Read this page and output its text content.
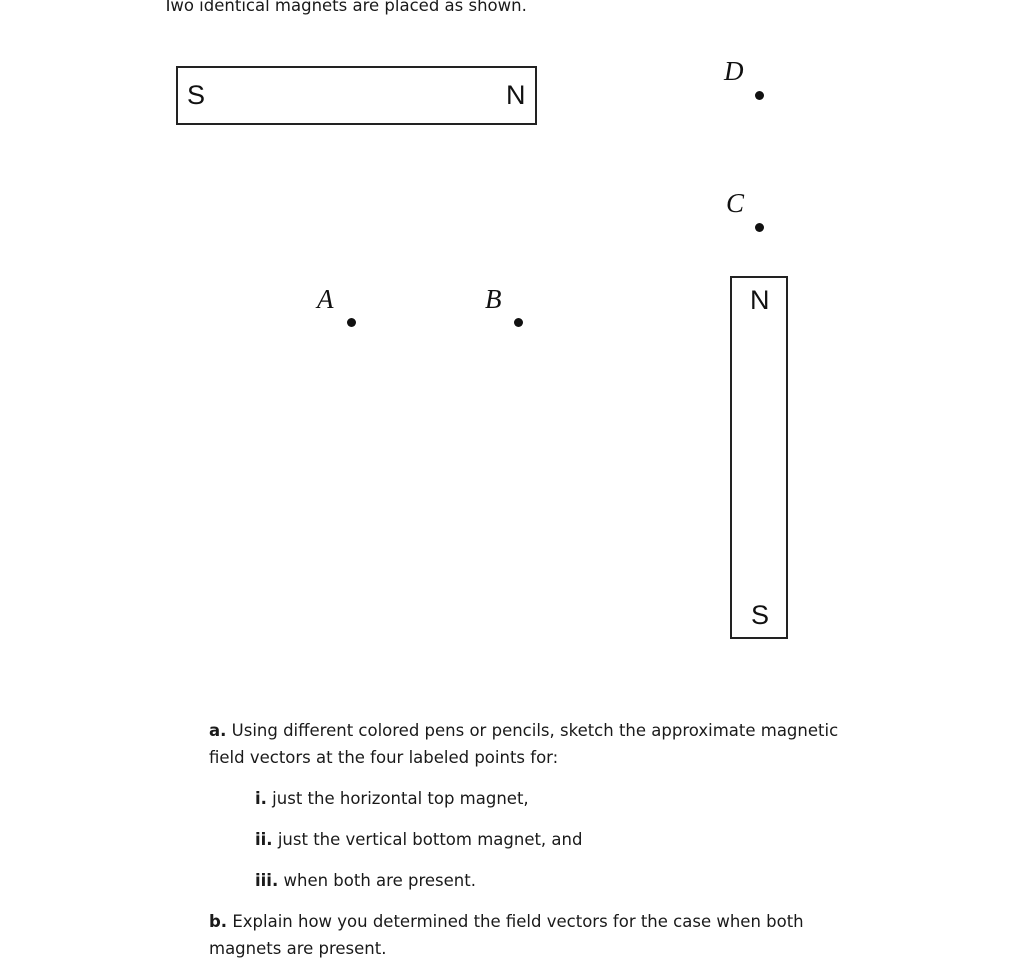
Two identical magnets are placed as shown.
S	N
N
S
D
C
A	B
a. Using different colored pens or pencils, sketch the approximate magnetic
field vectors at the four labeled points for:
i. just the horizontal top magnet,
ii. just the vertical bottom magnet, and
iii. when both are present.
b. Explain how you determined the field vectors for the case when both
magnets are present.
